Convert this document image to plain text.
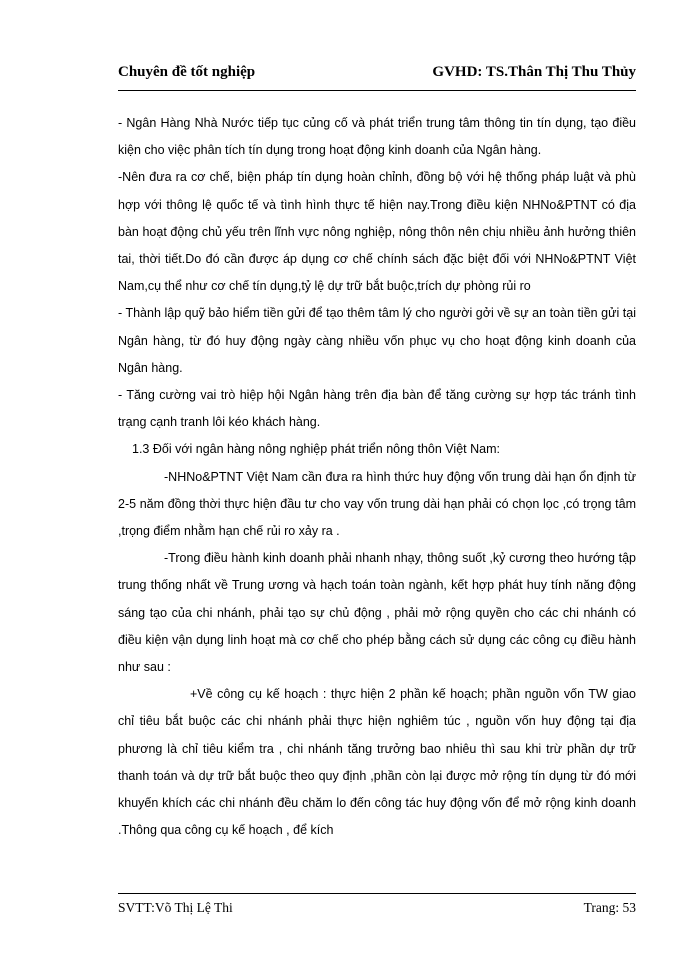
Chuyên đề tốt nghiệp	GVHD: TS.Thân Thị Thu Thủy

- Ngân Hàng Nhà Nước tiếp tục củng cố và phát triển trung tâm thông tin tín dụng, tạo điều kiện cho việc phân tích tín dụng trong hoạt động kinh doanh của Ngân hàng.

-Nên đưa ra cơ chế, biện pháp tín dụng hoàn chỉnh, đồng bộ với hệ thống pháp luật và phù hợp với thông lệ quốc tế và tình hình thực tế hiện nay.Trong điều kiện NHNo&PTNT có địa bàn hoạt động chủ yếu trên lĩnh vực nông nghiệp, nông thôn nên chịu nhiều ảnh hưởng thiên tai, thời tiết.Do đó cần được áp dụng cơ chế chính sách đặc biệt đối với NHNo&PTNT Việt Nam,cụ thể như cơ chế tín dụng,tỷ lệ dự trữ bắt buộc,trích dự phòng rủi ro

- Thành lập quỹ bảo hiểm tiền gửi để tạo thêm tâm lý cho người gởi về sự an toàn tiền gửi tại Ngân hàng, từ đó huy động ngày càng nhiều vốn phục vụ cho hoạt động kinh doanh của Ngân hàng.

- Tăng cường vai trò hiệp hội Ngân hàng trên địa bàn để tăng cường sự hợp tác tránh tình trạng cạnh tranh lôi kéo khách hàng.

1.3 Đối với ngân hàng nông nghiệp phát triển nông thôn Việt Nam:

-NHNo&PTNT Việt Nam cần đưa ra hình thức huy động vốn trung dài hạn ổn định từ 2-5 năm đồng thời thực hiện đầu tư cho vay vốn trung dài hạn phải có chọn lọc ,có trọng tâm ,trọng điểm nhằm hạn chế rủi ro xảy ra .

-Trong điều hành kinh doanh phải nhanh nhạy, thông suốt ,kỷ cương theo hướng tập trung thống nhất về Trung ương và hạch toán toàn ngành, kết hợp phát huy tính năng động sáng tạo của chi nhánh, phải tạo sự chủ động , phải mở rộng quyền cho các chi nhánh có điều kiện vận dụng linh hoạt mà cơ chế cho phép bằng cách sử dụng các công cụ điều hành như sau :

+Về công cụ kế hoạch : thực hiện 2 phần kế hoạch; phần nguồn vốn TW giao chỉ tiêu bắt buộc các chi nhánh phải thực hiện nghiêm túc , nguồn vốn huy động tại địa phương là chỉ tiêu kiểm tra , chi nhánh tăng trưởng bao nhiêu thì sau khi trừ phần dự trữ thanh toán và dự trữ bắt buộc theo quy định ,phần còn lại được mở rộng tín dụng từ đó mới khuyến khích các chi nhánh đều chăm lo đến công tác huy động vốn để mở rộng kinh doanh .Thông qua công cụ kế hoạch , để kích

SVTT:Võ Thị Lệ Thi	Trang: 53
